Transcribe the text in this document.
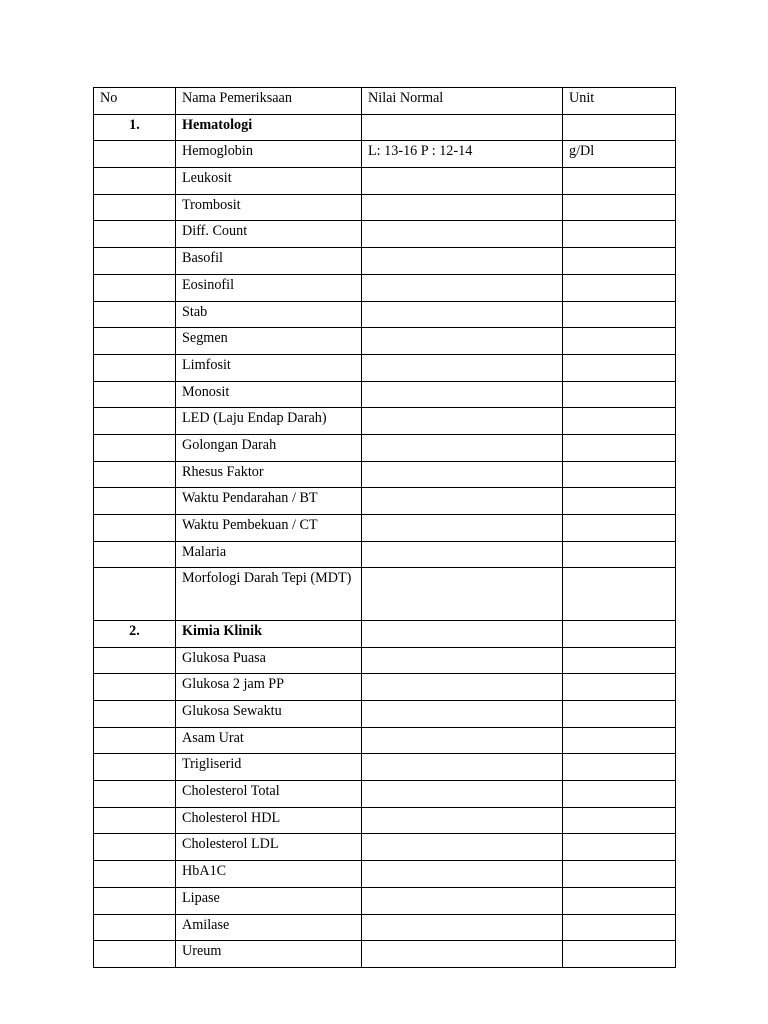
No	Nama Pemeriksaan	Nilai Normal	Unit
1.	Hematologi		
	Hemoglobin	L: 13-16 P : 12-14	g/Dl
	Leukosit		
	Trombosit		
	Diff. Count		
	Basofil		
	Eosinofil		
	Stab		
	Segmen		
	Limfosit		
	Monosit		
	LED (Laju Endap Darah)		
	Golongan Darah		
	Rhesus Faktor		
	Waktu Pendarahan / BT		
	Waktu Pembekuan / CT		
	Malaria		
	Morfologi Darah Tepi (MDT)		
2.	Kimia Klinik		
	Glukosa Puasa		
	Glukosa 2 jam PP		
	Glukosa Sewaktu		
	Asam Urat		
	Trigliserid		
	Cholesterol Total		
	Cholesterol HDL		
	Cholesterol LDL		
	HbA1C		
	Lipase		
	Amilase		
	Ureum		
